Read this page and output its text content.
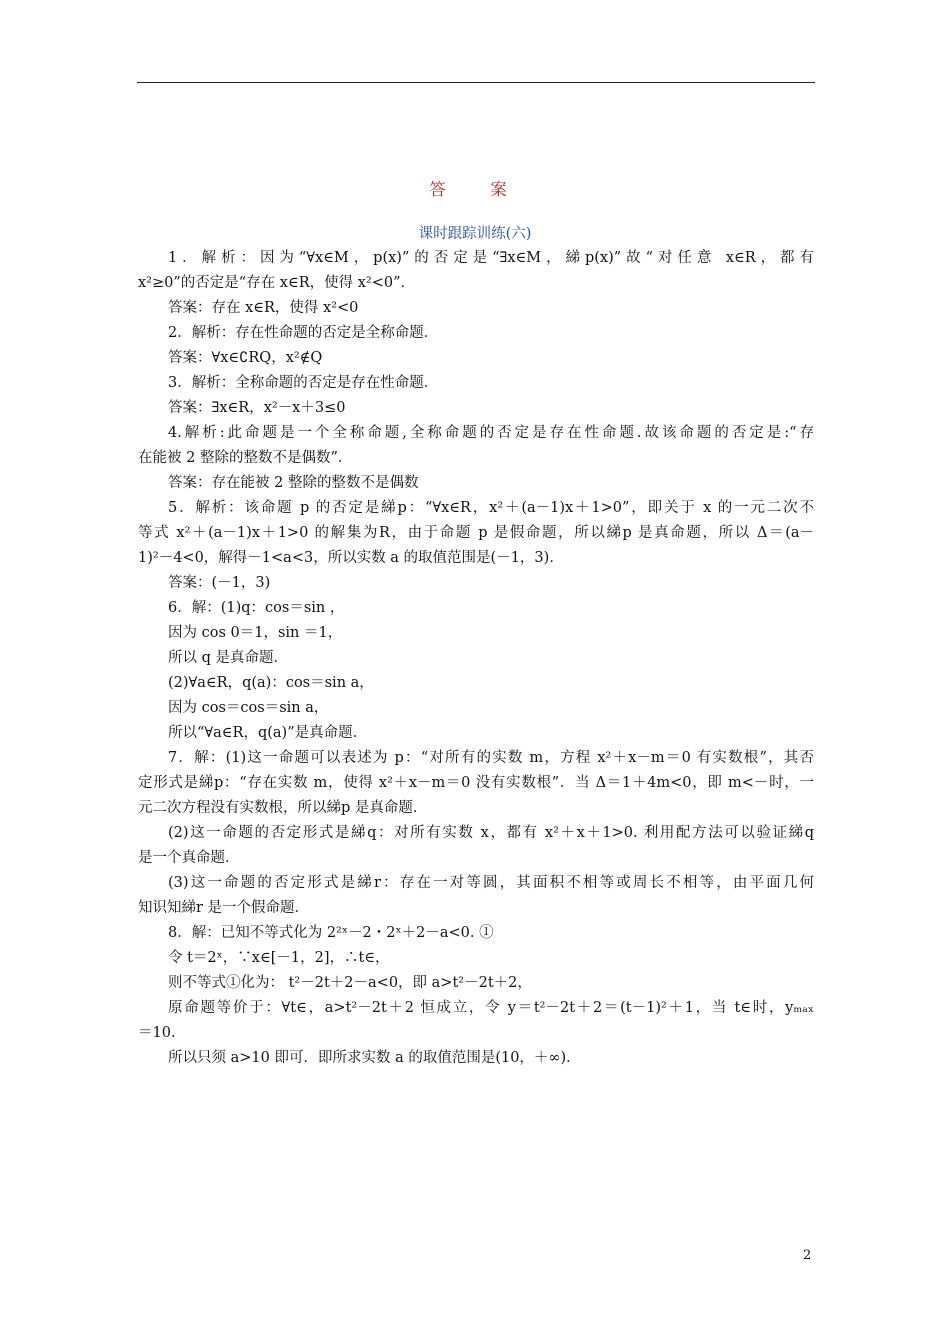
答　案
课时跟踪训练(六)

1．解析：因为“∀x∈M，p(x)”的否定是“∃x∈M，綈p(x)”故“对任意 x∈R，都有

x²≥0”的否定是“存在 x∈R，使得 x²<0”．

答案：存在 x∈R，使得 x²<0

2．解析：存在性命题的否定是全称命题．

答案：∀x∈∁RQ，x²∉Q

3．解析：全称命题的否定是存在性命题．

答案：∃x∈R，x²－x＋3≤0

4.解析:此命题是一个全称命题,全称命题的否定是存在性命题.故该命题的否定是:“存

在能被 2 整除的整数不是偶数”．

答案：存在能被 2 整除的整数不是偶数

5．解析：该命题 p 的否定是綈p：“∀x∈R，x²＋(a－1)x＋1>0”，即关于 x 的一元二次不

等式 x²＋(a－1)x＋1>0 的解集为R，由于命题 p 是假命题，所以綈p 是真命题，所以 Δ＝(a－

1)²－4<0，解得－1<a<3，所以实数 a 的取值范围是(－1，3)．

答案：(－1，3)

6．解：(1)q：cos＝sin ，

因为 cos 0＝1，sin ＝1，

所以 q 是真命题．

(2)∀a∈R，q(a)：cos＝sin a，

因为 cos＝cos＝sin a，

所以“∀a∈R，q(a)”是真命题．

7．解：(1)这一命题可以表述为 p：“对所有的实数 m，方程 x²＋x－m＝0 有实数根”，其否

定形式是綈p：“存在实数 m，使得 x²＋x－m＝0 没有实数根”．当 Δ＝1＋4m<0，即 m<－时，一

元二次方程没有实数根，所以綈p 是真命题．

(2)这一命题的否定形式是綈q：对所有实数 x，都有 x²＋x＋1>0. 利用配方法可以验证綈q

是一个真命题．

(3)这一命题的否定形式是綈r：存在一对等圆，其面积不相等或周长不相等，由平面几何

知识知綈r 是一个假命题．

8．解：已知不等式化为 2²ˣ－2・2ˣ＋2－a<0. ①

令 t＝2ˣ，∵x∈[－1，2]，∴t∈，

则不等式①化为： t²－2t＋2－a<0，即 a>t²－2t＋2，

原命题等价于：∀t∈，a>t²－2t＋2 恒成立，令 y＝t²－2t＋2＝(t－1)²＋1，当 t∈时，yₘₐₓ

＝10.

所以只须 a>10 即可．即所求实数 a 的取值范围是(10，＋∞)．

2
